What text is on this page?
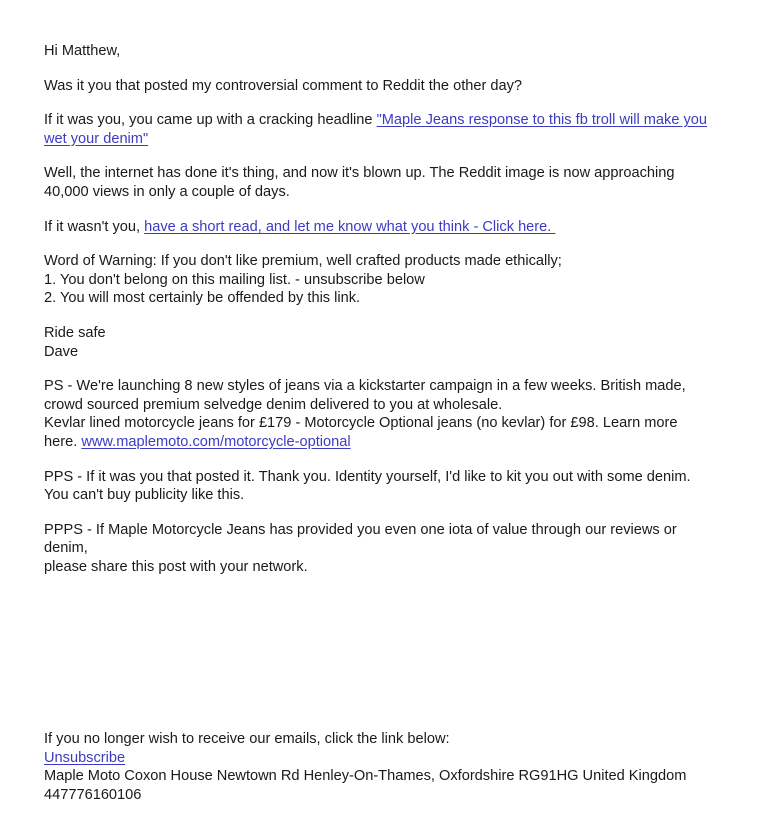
Hi Matthew,

Was it you that posted my controversial comment to Reddit the other day?

If it was you, you came up with a cracking headline "Maple Jeans response to this fb troll will make you wet your denim"

Well, the internet has done it's thing, and now it's blown up. The Reddit image is now approaching

40,000 views in only a couple of days.

If it wasn't you, have a short read, and let me know what you think - Click here.

Word of Warning: If you don't like premium, well crafted products made ethically;

1. You don't belong on this mailing list. - unsubscribe below

2. You will most certainly be offended by this link.

Ride safe

Dave

PS - We're launching 8 new styles of jeans via a kickstarter campaign in a few weeks. British made,

crowd sourced premium selvedge denim delivered to you at wholesale.

Kevlar lined motorcycle jeans for £179 - Motorcycle Optional jeans (no kevlar) for £98. Learn more

here. www.maplemoto.com/motorcycle-optional

PPS - If it was you that posted it. Thank you. Identity yourself, I'd like to kit you out with some denim.

You can't buy publicity like this.

PPPS - If Maple Motorcycle Jeans has provided you even one iota of value through our reviews or denim,

please share this post with your network.

If you no longer wish to receive our emails, click the link below:

Unsubscribe

Maple Moto Coxon House Newtown Rd Henley-On-Thames, Oxfordshire RG91HG United Kingdom

447776160106
